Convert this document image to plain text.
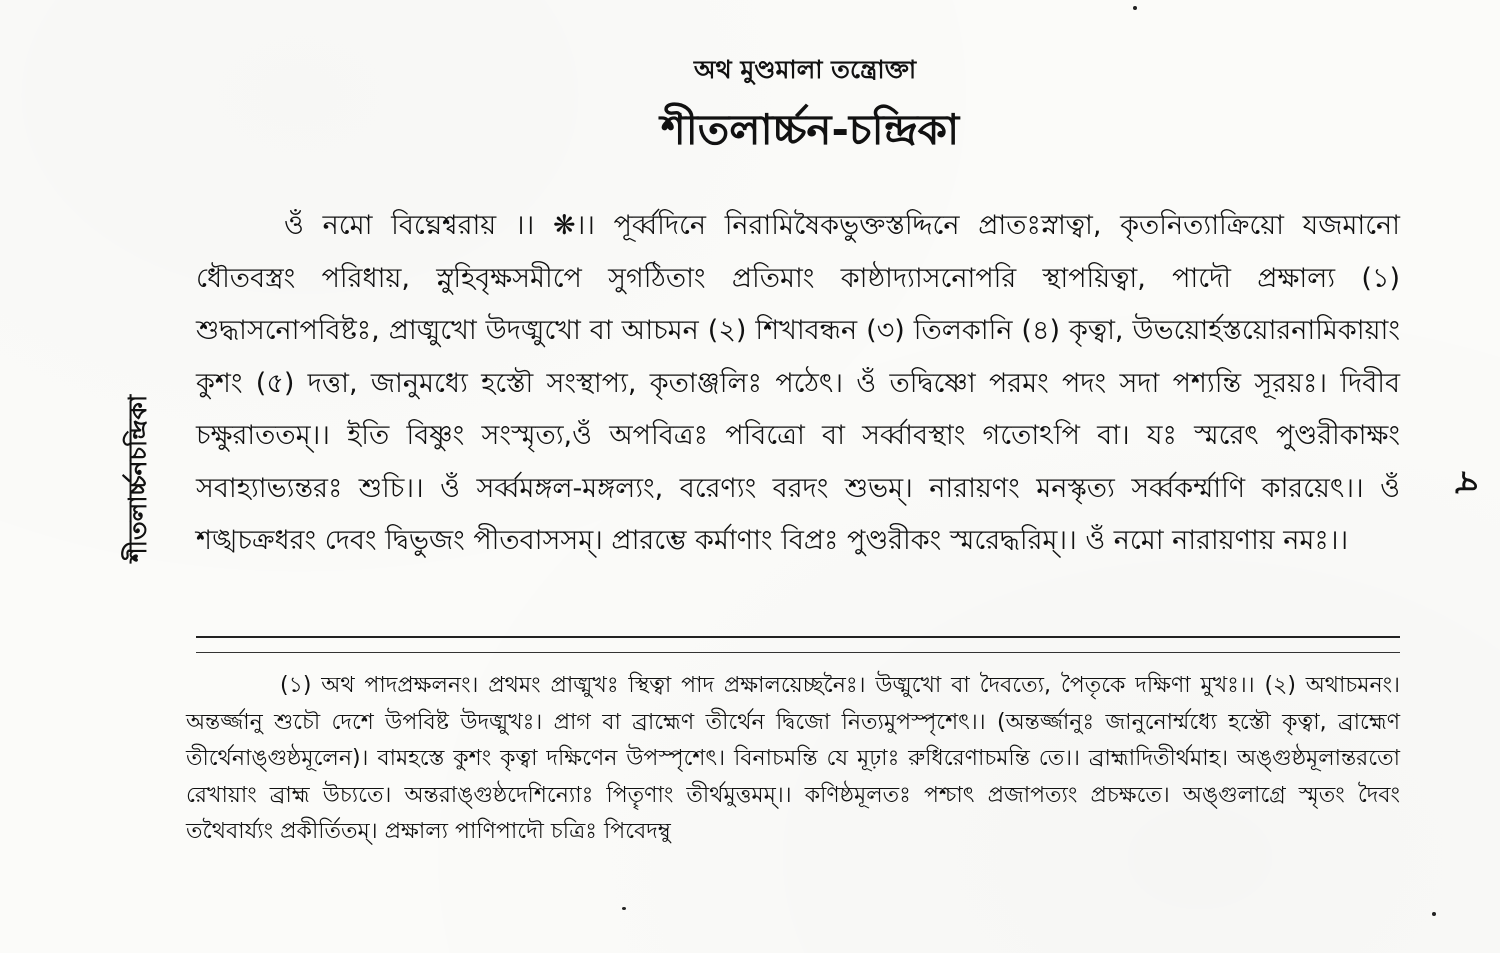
শীতলার্চ্চনচন্দ্রিকা
অথ মুণ্ডমালা তন্ত্রোক্তা
শীতলার্চ্চন-চন্দ্রিকা

ওঁ নমো বিঘ্নেশ্বরায় ।। ❋।। পূর্ব্বদিনে নিরামিষৈকভুক্তস্তদ্দিনে প্রাতঃস্নাত্বা, কৃতনিত্যাক্রিয়ো যজমানো ধৌতবস্ত্রং পরিধায়, স্নুহিবৃক্ষসমীপে সুগঠিতাং প্রতিমাং কাষ্ঠাদ্যাসনোপরি স্থাপয়িত্বা, পাদৌ প্রক্ষাল্য (১) শুদ্ধাসনোপবিষ্টঃ, প্রাঙ্মুখো উদঙ্মুখো বা আচমন (২) শিখাবন্ধন (৩) তিলকানি (৪) কৃত্বা, উভয়োর্হস্তয়োরনামিকায়াং কুশং (৫) দত্তা, জানুমধ্যে হস্তৌ সংস্থাপ্য, কৃতাঞ্জলিঃ পঠেৎ। ওঁ তদ্বিষ্ণো পরমং পদং সদা পশ্যন্তি সূরয়ঃ। দিবীব চক্ষুরাততম্।। ইতি বিষ্ণুং সংস্মৃত্য,ওঁ অপবিত্রঃ পবিত্রো বা সর্ব্বাবস্থাং গতোঽপি বা। যঃ স্মরেৎ পুণ্ডরীকাক্ষং সবাহ্যাভ্যন্তরঃ শুচি।। ওঁ সর্ব্বমঙ্গল-মঙ্গল্যং, বরেণ্যং বরদং শুভম্। নারায়ণং মনস্কৃত্য সর্ব্বকর্ম্মাণি কারয়েৎ।। ওঁ শঙ্খচক্রধরং দেবং দ্বিভুজং পীতবাসসম্। প্রারম্ভে কর্মাণাং বিপ্রঃ পুণ্ডরীকং স্মরেদ্ধরিম্।। ওঁ নমো নারায়ণায় নমঃ।।

(১) অথ পাদপ্রক্ষলনং। প্রথমং প্রাঙ্মুখঃ স্থিত্বা পাদ প্রক্ষালয়েচ্ছনৈঃ। উঙ্মুখো বা দৈবত্যে, পৈতৃকে দক্ষিণা মুখঃ।। (২) অথাচমনং। অন্তর্জ্জানু শুচৌ দেশে উপবিষ্ট উদঙ্মুখঃ। প্রাগ বা ব্রাহ্মেণ তীর্থেন দ্বিজো নিত্যমুপস্পৃশেৎ।। (অন্তর্জ্জানুঃ জানুনোর্ম্মধ্যে হস্তৌ কৃত্বা, ব্রাহ্মেণ তীর্থেনাঙ্গুষ্ঠমূলেন)। বামহস্তে কুশং কৃত্বা দক্ষিণেন উপস্পৃশেৎ। বিনাচমন্তি যে মূঢ়াঃ রুধিরেণাচমন্তি তে।। ব্রাহ্মাদিতীর্থমাহ। অঙ্গুষ্ঠমূলান্তরতো রেখায়াং ব্রাহ্ম উচ্যতে। অন্তরাঙ্গুষ্ঠদেশিন্যোঃ পিতৄণাং তীর্থমুত্তমম্।। কণিষ্ঠমূলতঃ পশ্চাৎ প্রজাপত্যং প্রচক্ষতে। অঙ্গুলাগ্রে স্মৃতং দৈবং তথৈবার্য্যং প্রকীর্তিতম্। প্রক্ষাল্য পাণিপাদৌ চত্রিঃ পিবেদম্বু

৮
